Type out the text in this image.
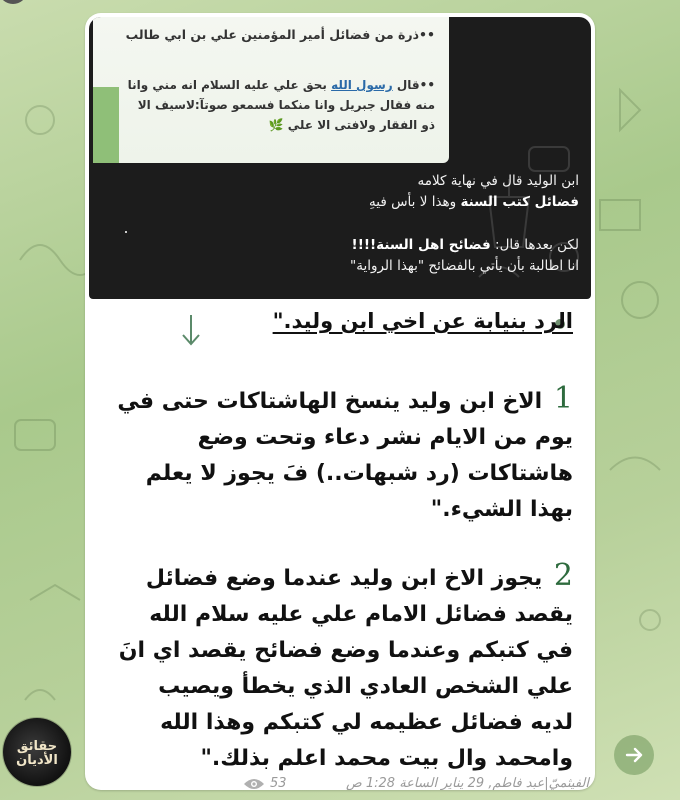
••ذرة من فضائل أمير المؤمنين علي بن ابي طالب
••قال رسول الله بحق علي عليه السلام انه مني وانا
منه فقال جبريل وانا منكما فسمعو صوتآ:لاسيف الا
ذو الفقار ولافتى الا علي 🌿
ابن الوليد قال في نهاية كلامه
فضائل كتب السنة وهذا لا بأس فيهِ
لكن بعدها قال: فضائح اهل السنة!!!!
انا اطالبة بأن يأتي بالفضائح "بهذا الرواية"
الرد بنيابة عن اخي ابن وليد."
1 الاخ ابن وليد ينسخ الهاشتاكات حتى في يوم من الايام نشر دعاء وتحت وضع هاشتاكات (رد شبهات..) فَ يجوز لا يعلم بهذا الشيء."
2 يجوز الاخ ابن وليد عندما وضع فضائل يقصد فضائل الامام علي عليه سلام الله في كتبكم وعندما وضع فضائح يقصد اي انَ علي الشخص العادي الذي يخطأ ويصيب لديه فضائل عظيمه لي كتبكم وهذا الله وامحمد وال بيت محمد اعلم بذلك."
53	الفيثميّ|عبد فاطم, 29 يناير الساعة 1:28 ص
حقائق
الأديان
